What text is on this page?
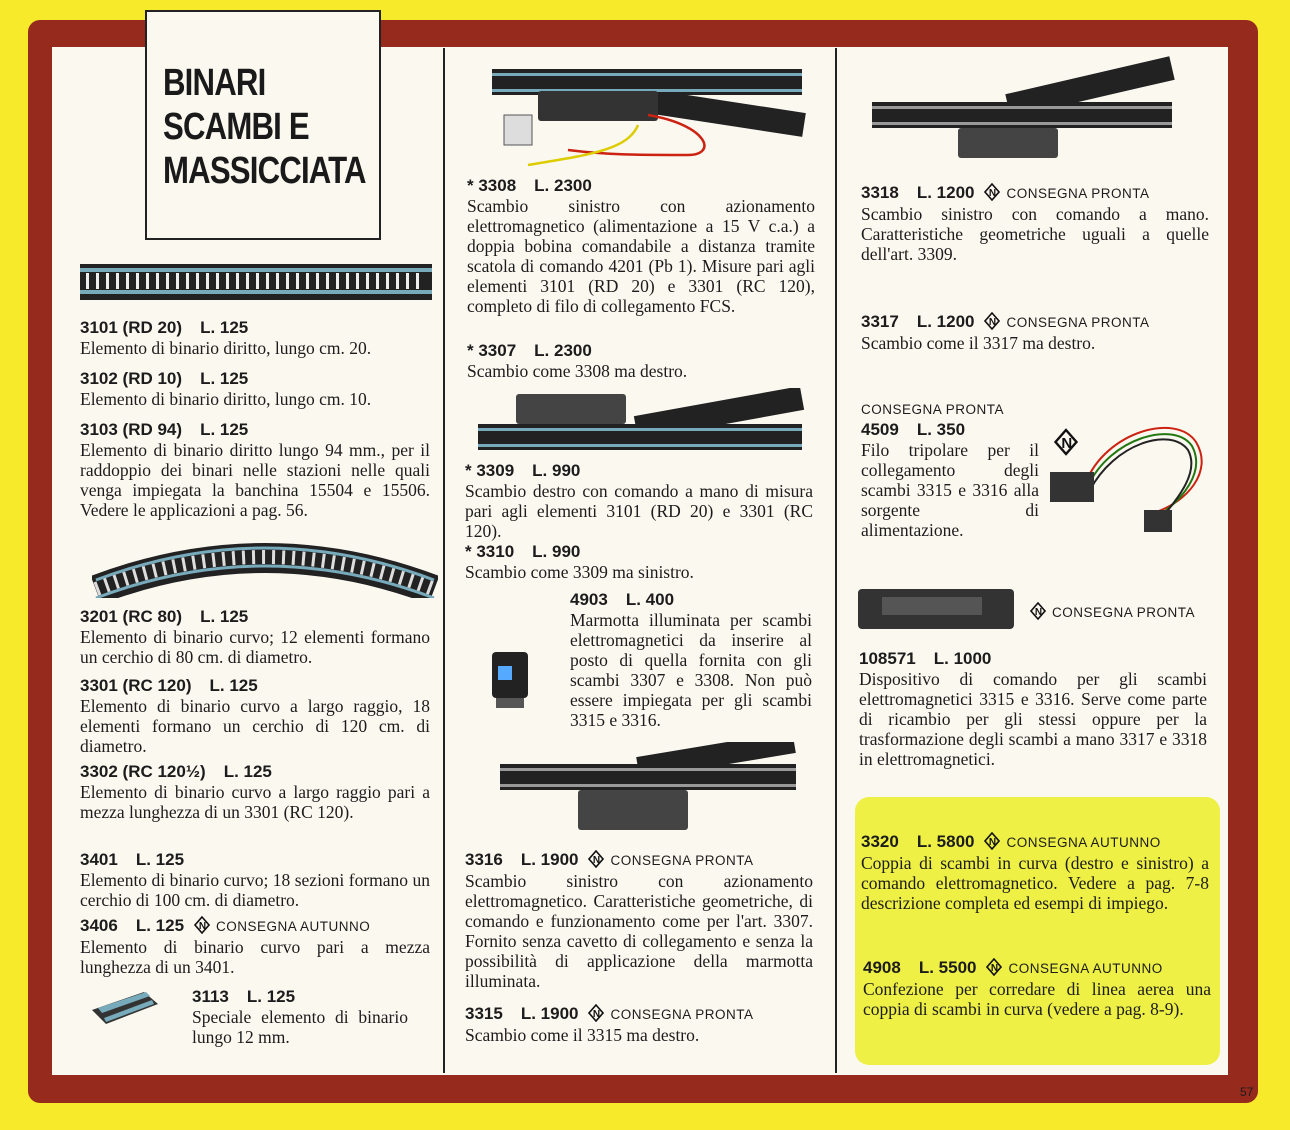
BINARI
SCAMBI E
MASSICCIATA
3101 (RD 20) L. 125
Elemento di binario diritto, lungo cm. 20.
3102 (RD 10) L. 125
Elemento di binario diritto, lungo cm. 10.
3103 (RD 94) L. 125
Elemento di binario diritto lungo 94 mm., per il raddoppio dei binari nelle stazioni nelle quali venga impiegata la banchina 15504 e 15506. Vedere le applicazioni a pag. 56.
3201 (RC 80) L. 125
Elemento di binario curvo; 12 elementi formano un cerchio di 80 cm. di diametro.
3301 (RC 120) L. 125
Elemento di binario curvo a largo raggio, 18 elementi formano un cerchio di 120 cm. di diametro.
3302 (RC 120½) L. 125
Elemento di binario curvo a largo raggio pari a mezza lunghezza di un 3301 (RC 120).
3401 L. 125
Elemento di binario curvo; 18 sezioni formano un cerchio di 100 cm. di diametro.
3406 L. 125 CONSEGNA AUTUNNO
Elemento di binario curvo pari a mezza lunghezza di un 3401.
3113 L. 125
Speciale elemento di binario lungo 12 mm.
* 3308 L. 2300
Scambio sinistro con azionamento elettromagnetico (alimentazione a 15 V c.a.) a doppia bobina comandabile a distanza tramite scatola di comando 4201 (Pb 1). Misure pari agli elementi 3101 (RD 20) e 3301 (RC 120), completo di filo di collegamento FCS.
* 3307 L. 2300
Scambio come 3308 ma destro.
* 3309 L. 990
Scambio destro con comando a mano di misura pari agli elementi 3101 (RD 20) e 3301 (RC 120).
* 3310 L. 990
Scambio come 3309 ma sinistro.
4903 L. 400
Marmotta illuminata per scambi elettromagnetici da inserire al posto di quella fornita con gli scambi 3307 e 3308. Non può essere impiegata per gli scambi 3315 e 3316.
3316 L. 1900 CONSEGNA PRONTA
Scambio sinistro con azionamento elettromagnetico. Caratteristiche geometriche, di comando e funzionamento come per l'art. 3307. Fornito senza cavetto di collegamento e senza la possibilità di applicazione della marmotta illuminata.
3315 L. 1900 CONSEGNA PRONTA
Scambio come il 3315 ma destro.
3318 L. 1200 CONSEGNA PRONTA
Scambio sinistro con comando a mano. Caratteristiche geometriche uguali a quelle dell'art. 3309.
3317 L. 1200 CONSEGNA PRONTA
Scambio come il 3317 ma destro.
CONSEGNA PRONTA
4509 L. 350
Filo tripolare per il collegamento degli scambi 3315 e 3316 alla sorgente di alimentazione.
CONSEGNA PRONTA
108571 L. 1000
Dispositivo di comando per gli scambi elettromagnetici 3315 e 3316. Serve come parte di ricambio per gli stessi oppure per la trasformazione degli scambi a mano 3317 e 3318 in elettromagnetici.
3320 L. 5800 CONSEGNA AUTUNNO
Coppia di scambi in curva (destro e sinistro) a comando elettromagnetico. Vedere a pag. 7-8 descrizione completa ed esempi di impiego.
4908 L. 5500 CONSEGNA AUTUNNO
Confezione per corredare di linea aerea una coppia di scambi in curva (vedere a pag. 8-9).
57
